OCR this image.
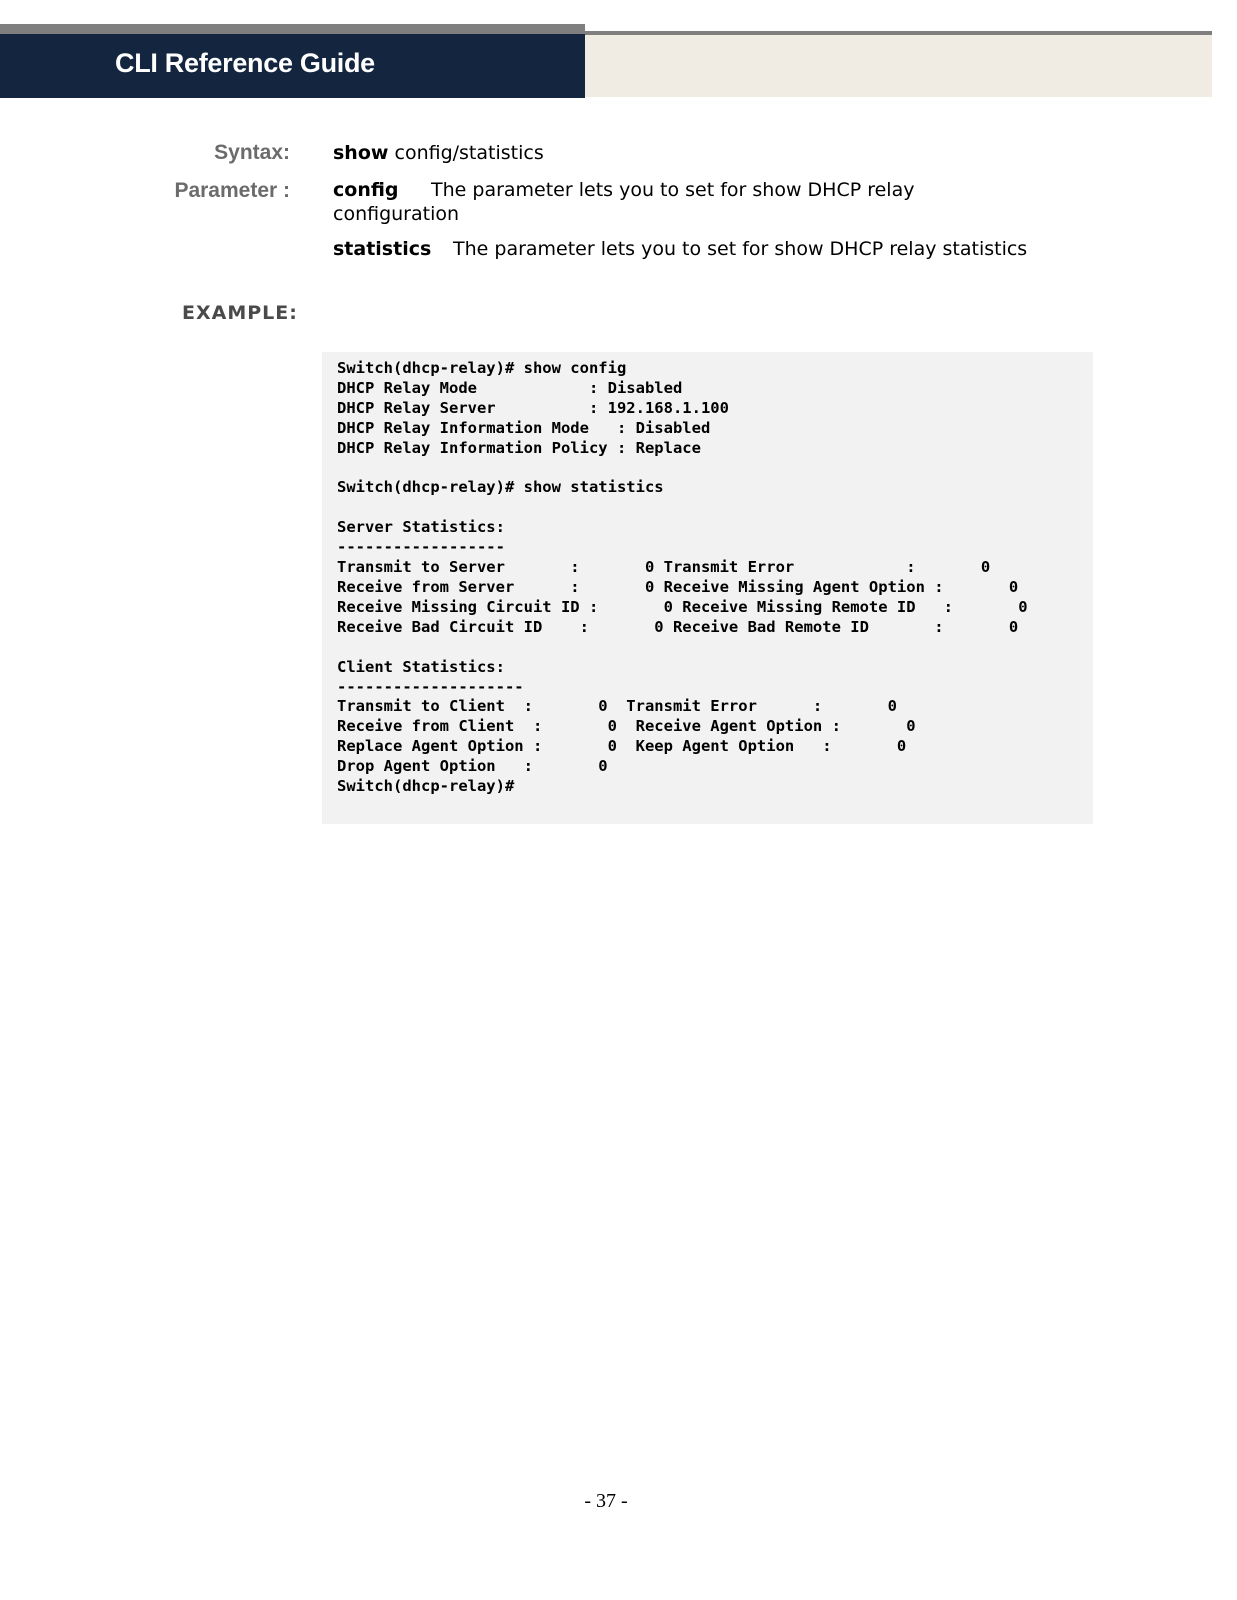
CLI Reference Guide
Syntax: show config/statistics
Parameter : config The parameter lets you to set for show DHCP relay configuration
statistics The parameter lets you to set for show DHCP relay statistics
EXAMPLE:
Switch(dhcp-relay)# show config
DHCP Relay Mode            : Disabled
DHCP Relay Server          : 192.168.1.100
DHCP Relay Information Mode   : Disabled
DHCP Relay Information Policy : Replace

Switch(dhcp-relay)# show statistics

Server Statistics:
------------------
Transmit to Server       :       0 Transmit Error            :       0
Receive from Server      :       0 Receive Missing Agent Option :       0
Receive Missing Circuit ID :       0 Receive Missing Remote ID   :       0
Receive Bad Circuit ID    :       0 Receive Bad Remote ID       :       0

Client Statistics:
--------------------
Transmit to Client  :       0  Transmit Error      :       0
Receive from Client  :       0  Receive Agent Option :       0
Replace Agent Option :       0  Keep Agent Option   :       0
Drop Agent Option   :       0
Switch(dhcp-relay)#
- 37 -
